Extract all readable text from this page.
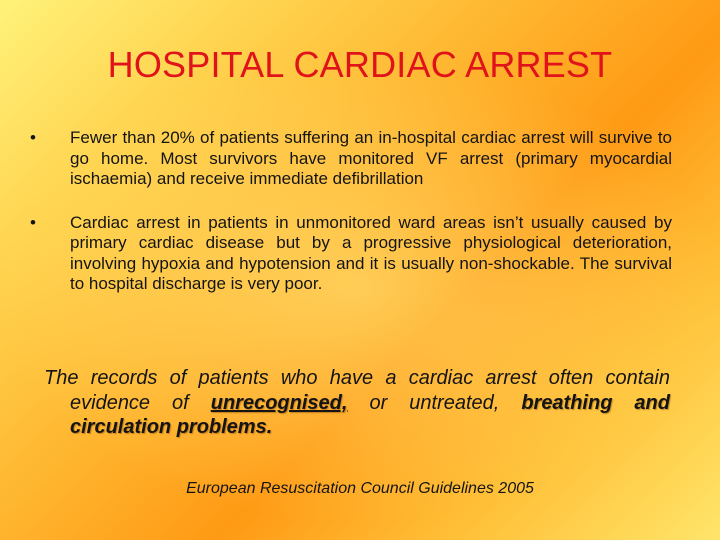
HOSPITAL CARDIAC ARREST
• Fewer than 20% of patients suffering an in-hospital cardiac arrest will survive to go home. Most survivors have monitored VF arrest (primary myocardial ischaemia) and receive immediate defibrillation
• Cardiac arrest in patients in unmonitored ward areas isn’t usually caused by primary cardiac disease but by a progressive physiological deterioration, involving hypoxia and hypotension and it is usually non-shockable. The survival to hospital discharge is very poor.
The records of patients who have a cardiac arrest often contain evidence of unrecognised, or untreated, breathing and circulation problems.
European Resuscitation Council Guidelines 2005
